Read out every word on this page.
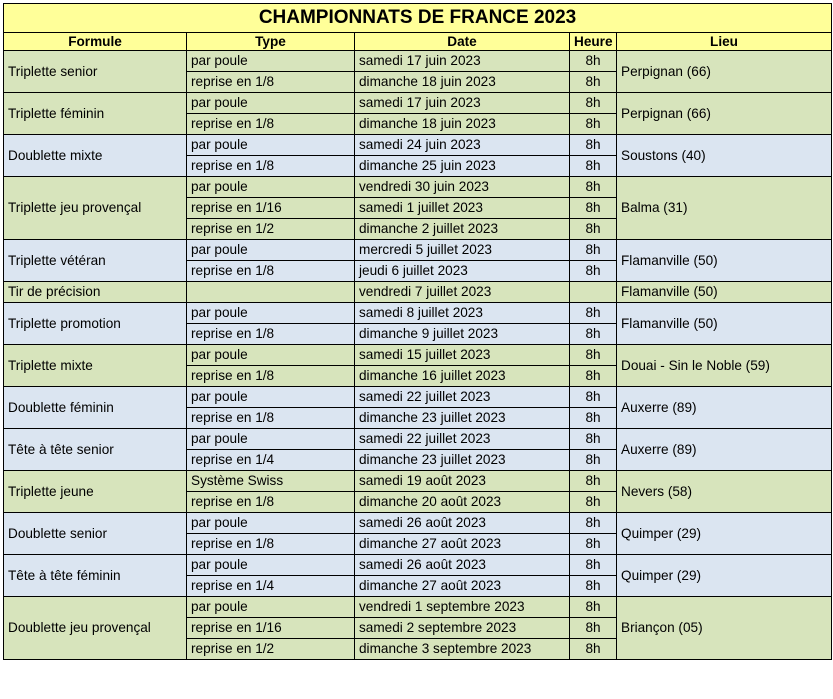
CHAMPIONNATS DE FRANCE 2023				
Formule	Type	Date	Heure	Lieu
Triplette senior	par poule	samedi 17 juin 2023	8h	Perpignan (66)
	reprise en 1/8	dimanche 18 juin 2023	8h	
Triplette féminin	par poule	samedi 17 juin 2023	8h	Perpignan (66)
	reprise en 1/8	dimanche 18 juin 2023	8h	
Doublette mixte	par poule	samedi 24 juin 2023	8h	Soustons (40)
	reprise en 1/8	dimanche 25 juin 2023	8h	
Triplette jeu provençal	par poule	vendredi 30 juin 2023	8h	Balma (31)
	reprise en 1/16	samedi 1 juillet 2023	8h	
	reprise en 1/2	dimanche 2 juillet 2023	8h	
Triplette vétéran	par poule	mercredi 5 juillet 2023	8h	Flamanville (50)
	reprise en 1/8	jeudi 6 juillet 2023	8h	
Tir de précision		vendredi 7 juillet 2023		Flamanville (50)
Triplette promotion	par poule	samedi 8 juillet 2023	8h	Flamanville (50)
	reprise en 1/8	dimanche 9 juillet 2023	8h	
Triplette mixte	par poule	samedi 15 juillet 2023	8h	Douai - Sin le Noble (59)
	reprise en 1/8	dimanche 16 juillet 2023	8h	
Doublette féminin	par poule	samedi 22 juillet 2023	8h	Auxerre (89)
	reprise en 1/8	dimanche 23 juillet 2023	8h	
Tête à tête senior	par poule	samedi 22 juillet 2023	8h	Auxerre (89)
	reprise en 1/4	dimanche 23 juillet 2023	8h	
Triplette jeune	Système Swiss	samedi 19 août 2023	8h	Nevers (58)
	reprise en 1/8	dimanche 20 août 2023	8h	
Doublette senior	par poule	samedi 26 août 2023	8h	Quimper (29)
	reprise en 1/8	dimanche 27 août 2023	8h	
Tête à tête féminin	par poule	samedi 26 août 2023	8h	Quimper (29)
	reprise en 1/4	dimanche 27 août 2023	8h	
Doublette jeu provençal	par poule	vendredi 1 septembre 2023	8h	Briançon (05)
	reprise en 1/16	samedi 2 septembre 2023	8h	
	reprise en 1/2	dimanche 3 septembre 2023	8h	
